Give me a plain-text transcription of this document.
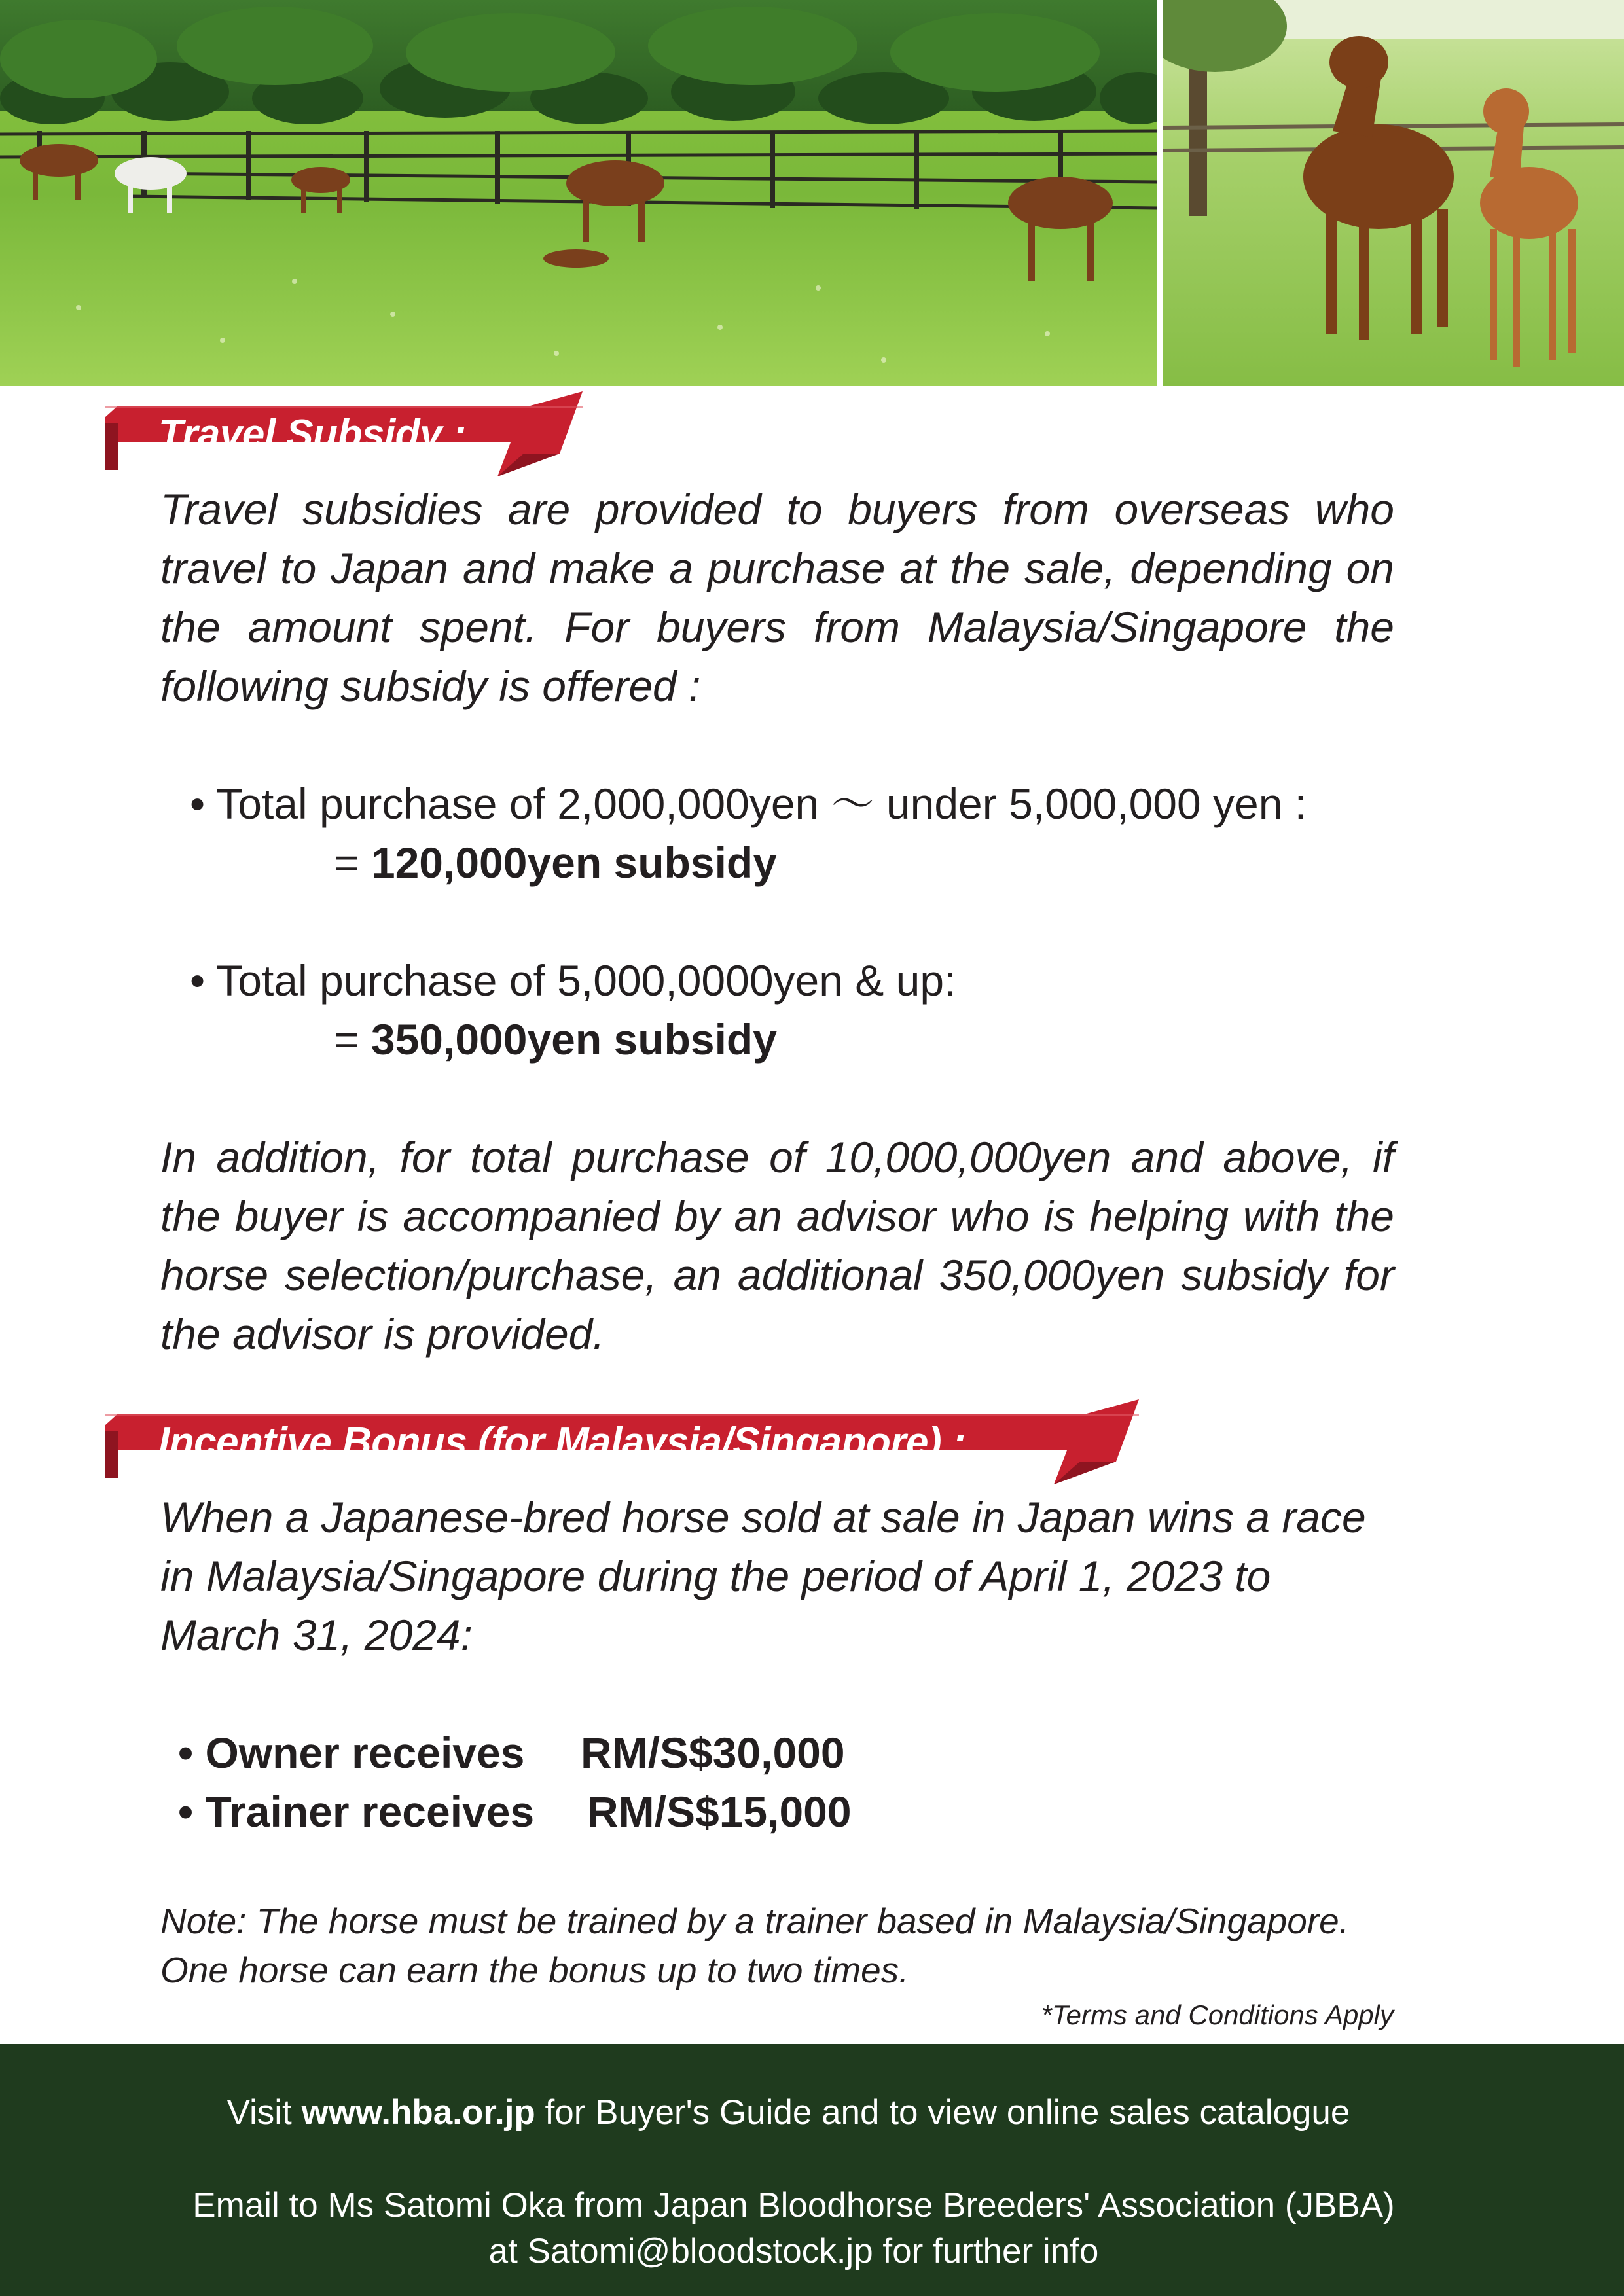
Travel Subsidy :

Travel subsidies are provided to buyers from overseas who travel to Japan and make a purchase at the sale, depending on the amount spent. For buyers from Malaysia/Singapore the following subsidy is offered :

• Total purchase of 2,000,000yen ～ under 5,000,000 yen :
= 120,000yen subsidy
• Total purchase of 5,000,0000yen & up:
= 350,000yen subsidy

In addition, for total purchase of 10,000,000yen and above, if the buyer is accompanied by an advisor who is helping with the horse selection/purchase, an additional 350,000yen subsidy for the advisor is provided.

Incentive Bonus (for Malaysia/Singapore) :

When a Japanese-bred horse sold at sale in Japan wins a race in Malaysia/Singapore during the period of April 1, 2023 to March 31, 2024:

• Owner receives RM/S$30,000
• Trainer receives RM/S$15,000
Note: The horse must be trained by a trainer based in Malaysia/Singapore.
One horse can earn the bonus up to two times.
*Terms and Conditions Apply
Visit www.hba.or.jp for Buyer's Guide and to view online sales catalogue
Email to Ms Satomi Oka from Japan Bloodhorse Breeders' Association (JBBA)
at Satomi@bloodstock.jp for further info
